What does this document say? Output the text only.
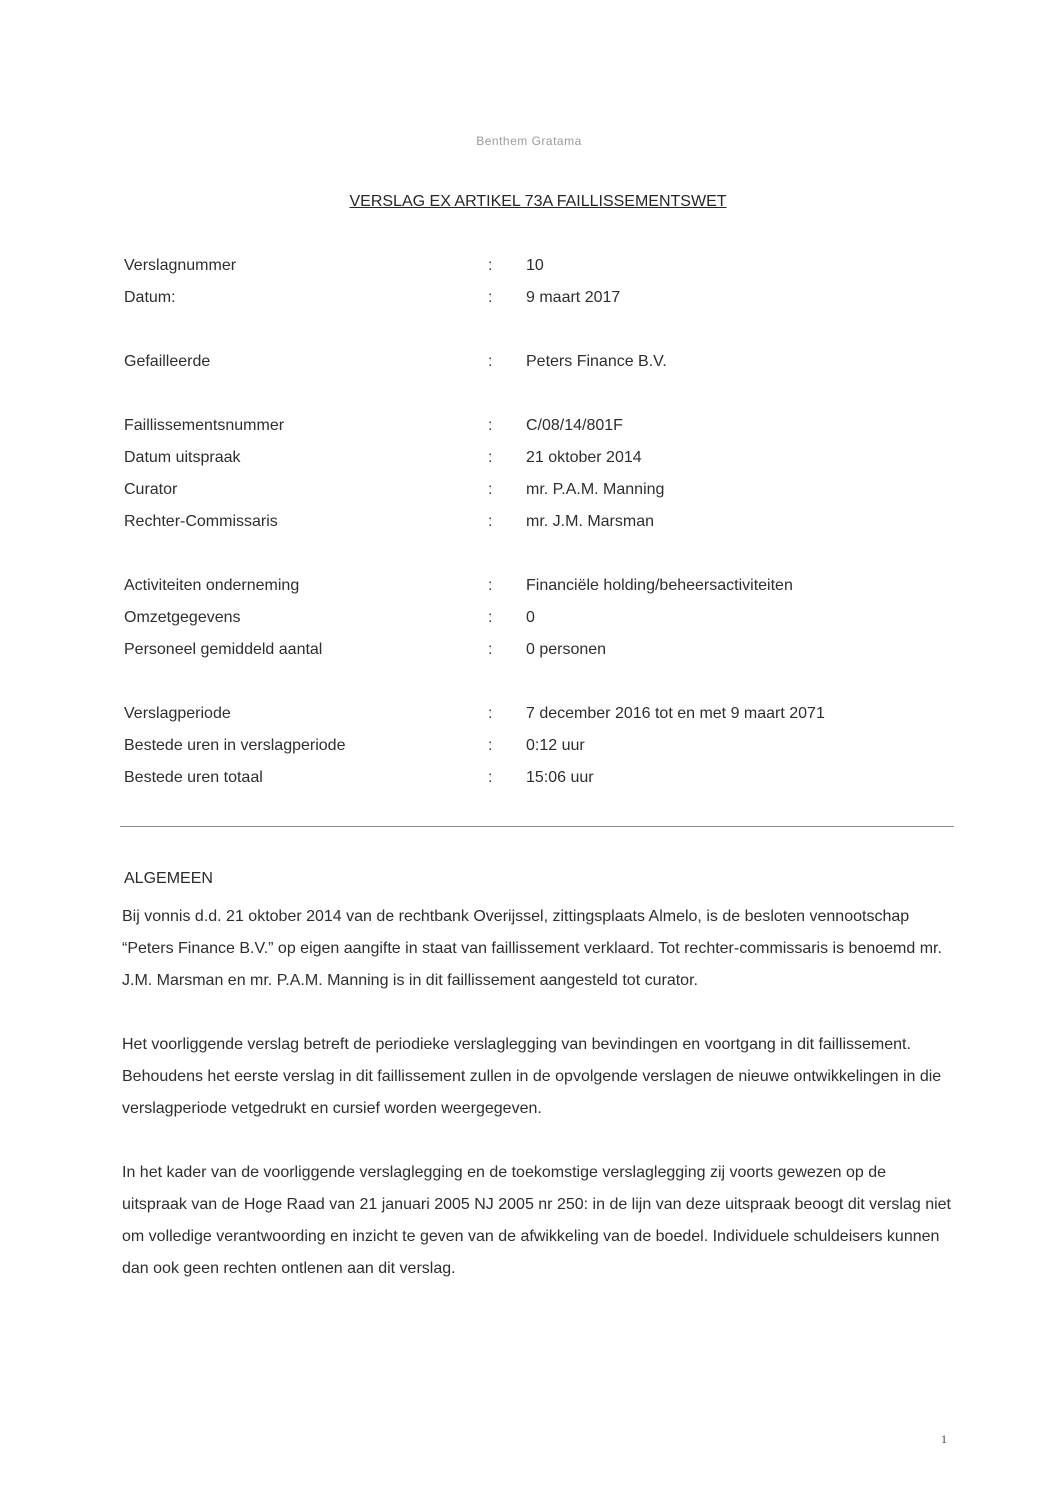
Benthem Gratama
VERSLAG EX ARTIKEL 73A FAILLISSEMENTSWET
Verslagnummer	:	10
Datum:	:	9 maart 2017
Gefailleerde	:	Peters Finance B.V.
Faillissementsnummer	:	C/08/14/801F
Datum uitspraak	:	21 oktober 2014
Curator	:	mr. P.A.M. Manning
Rechter-Commissaris	:	mr. J.M. Marsman
Activiteiten onderneming	:	Financiële holding/beheersactiviteiten
Omzetgegevens	:	0
Personeel gemiddeld aantal	:	0 personen
Verslagperiode	:	7 december 2016 tot en met 9 maart 2071
Bestede uren in verslagperiode	:	0:12 uur
Bestede uren totaal	:	15:06 uur
ALGEMEEN

Bij vonnis d.d. 21 oktober 2014 van de rechtbank Overijssel, zittingsplaats Almelo, is de besloten vennootschap “Peters Finance B.V.” op eigen aangifte in staat van faillissement verklaard. Tot rechter-commissaris is benoemd mr. J.M. Marsman en mr. P.A.M. Manning is in dit faillissement aangesteld tot curator.

Het voorliggende verslag betreft de periodieke verslaglegging van bevindingen en voortgang in dit faillissement. Behoudens het eerste verslag in dit faillissement zullen in de opvolgende verslagen de nieuwe ontwikkelingen in die verslagperiode vetgedrukt en cursief worden weergegeven.

In het kader van de voorliggende verslaglegging en de toekomstige verslaglegging zij voorts gewezen op de uitspraak van de Hoge Raad van 21 januari 2005 NJ 2005 nr 250: in de lijn van deze uitspraak beoogt dit verslag niet om volledige verantwoording en inzicht te geven van de afwikkeling van de boedel. Individuele schuldeisers kunnen dan ook geen rechten ontlenen aan dit verslag.

1
